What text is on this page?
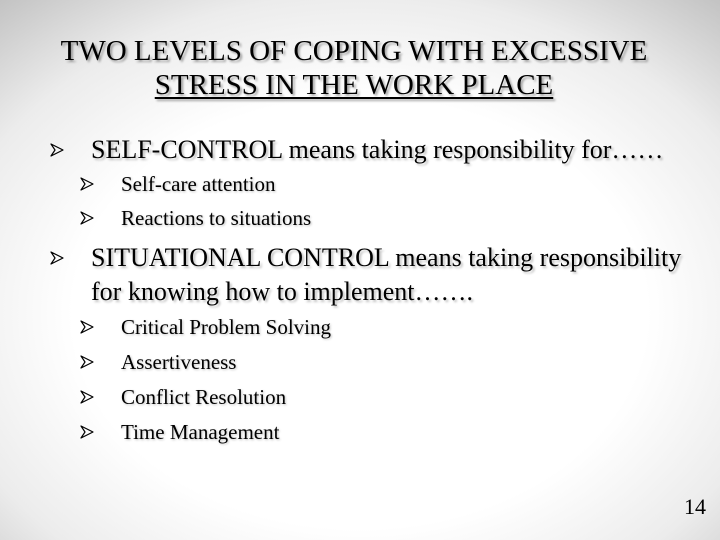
TWO LEVELS OF COPING WITH EXCESSIVE
STRESS IN THE WORK PLACE
SELF-CONTROL means taking responsibility for……
Self-care attention
Reactions to situations
SITUATIONAL CONTROL means taking responsibility for knowing how to implement…….
Critical Problem Solving
Assertiveness
Conflict Resolution
Time Management
14
